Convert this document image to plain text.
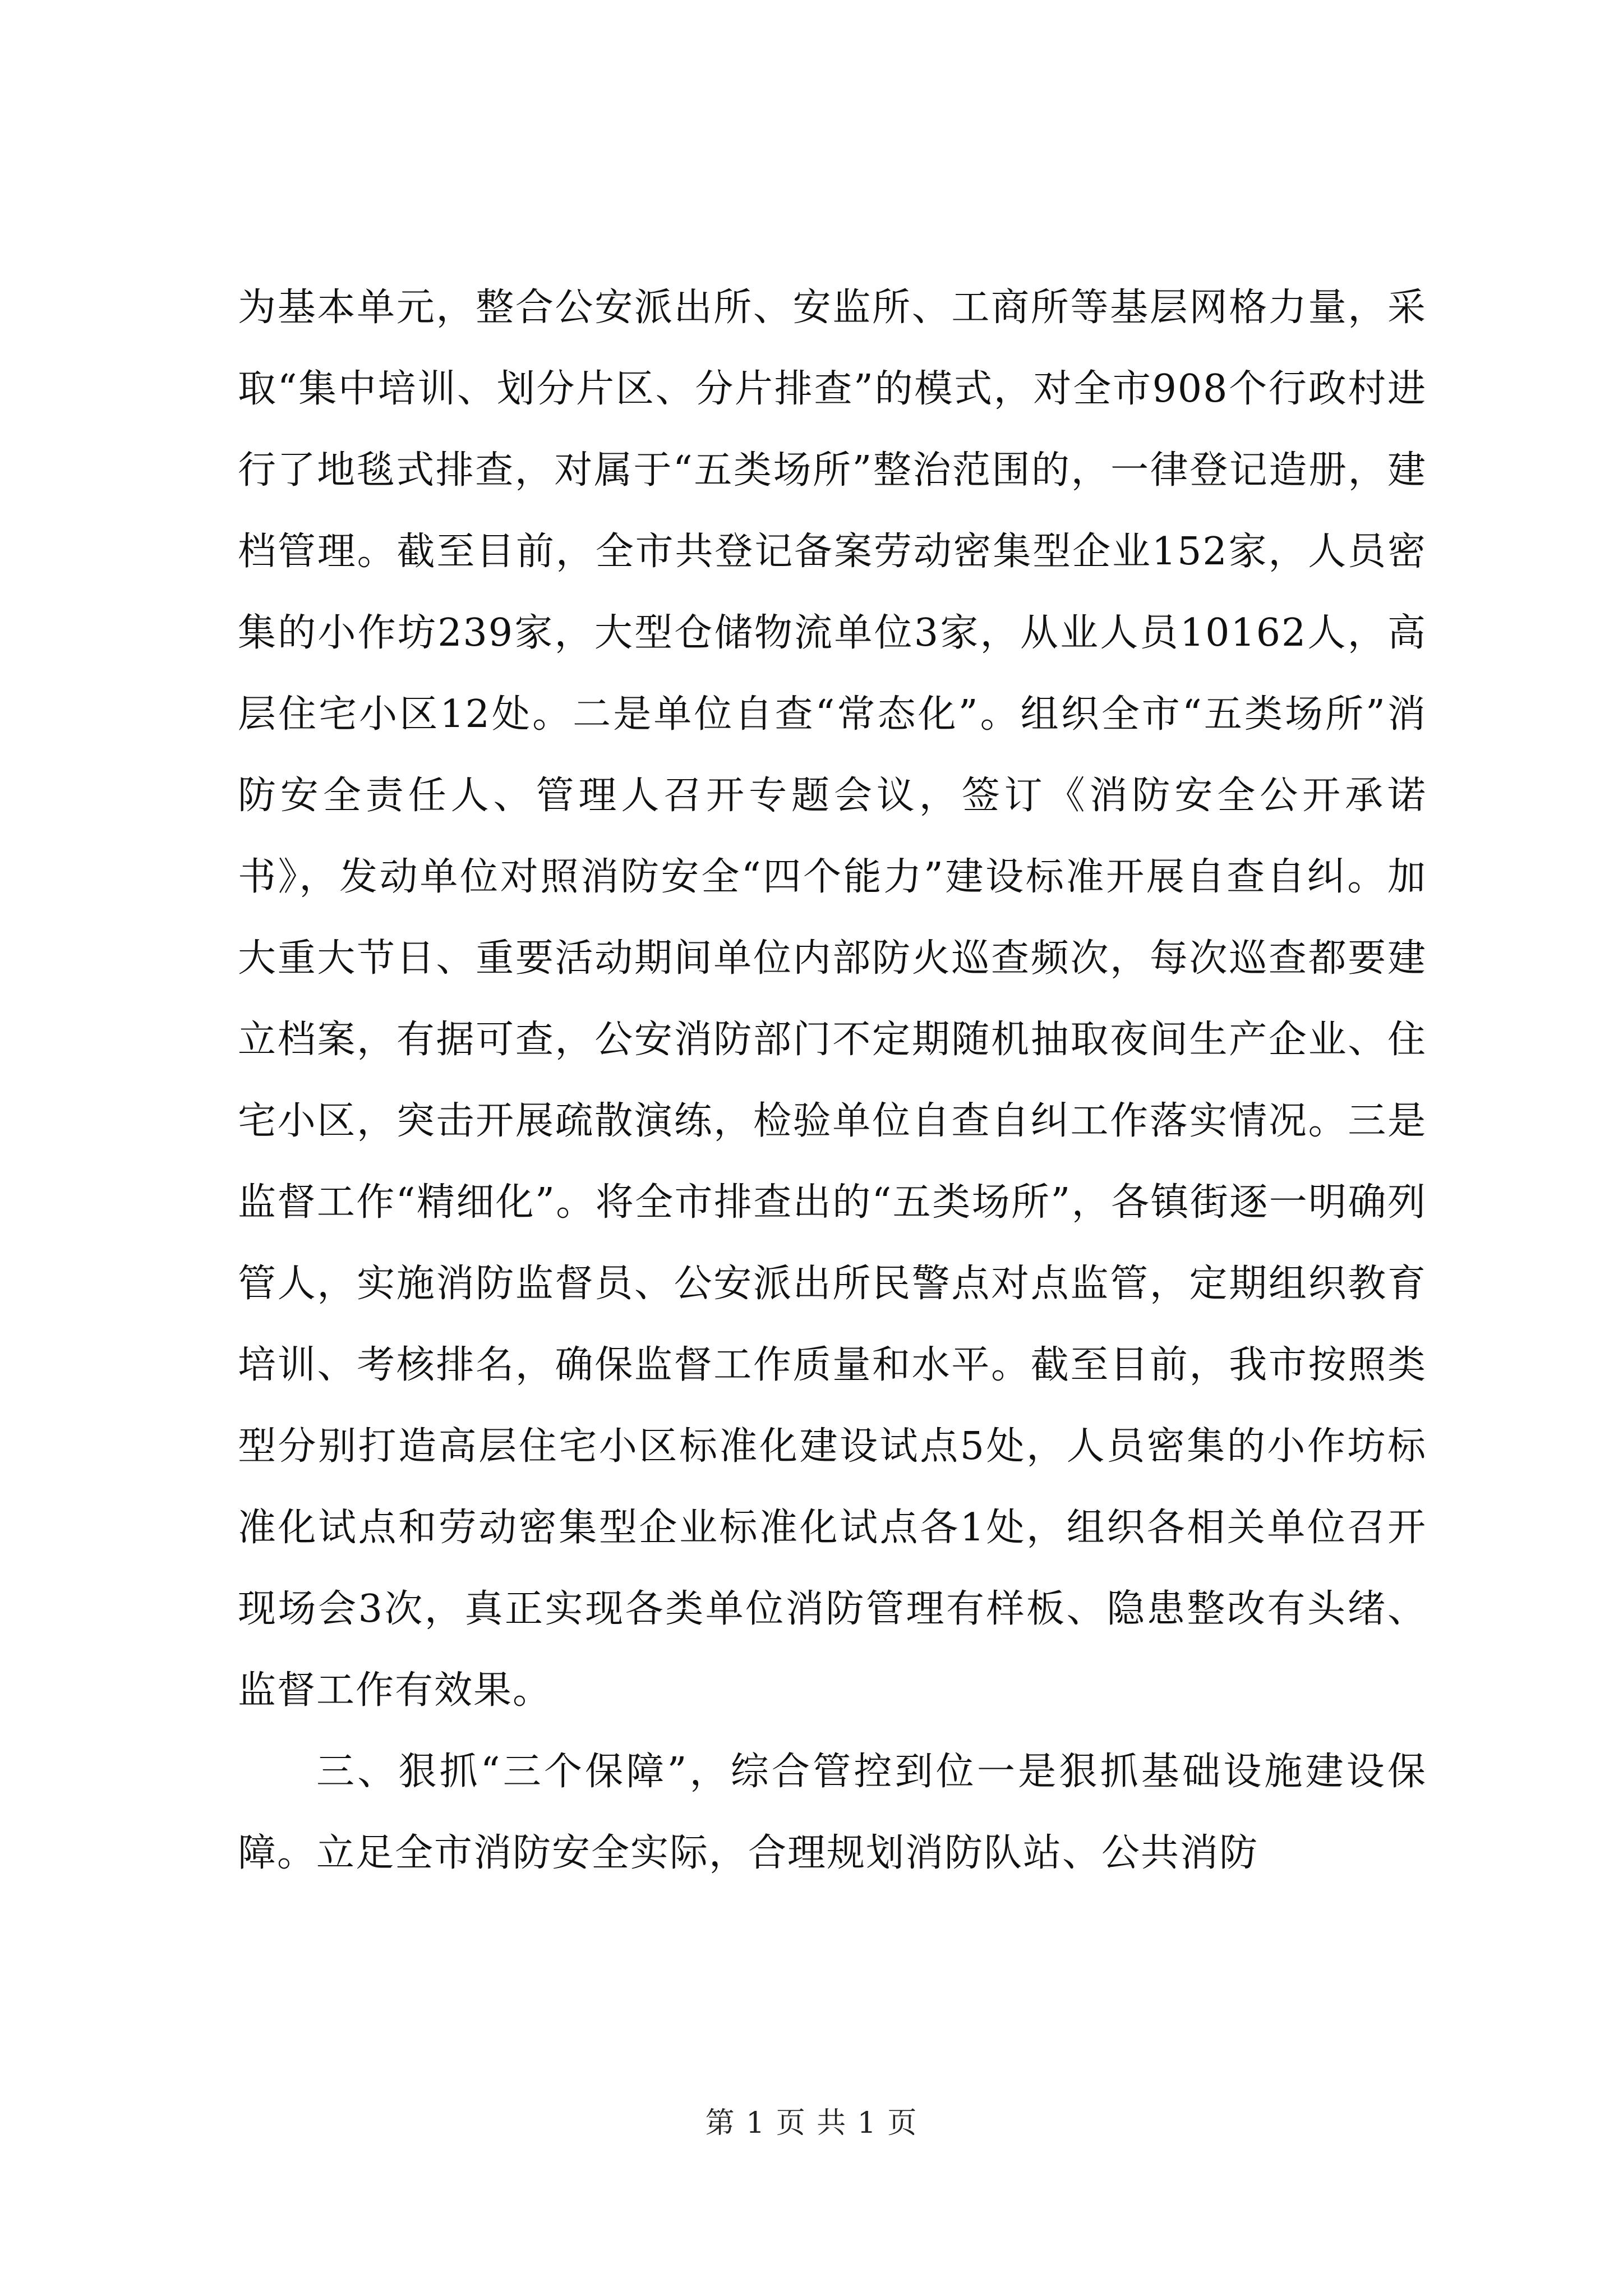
为基本单元，整合公安派出所、安监所、工商所等基层网格力量，采取“集中培训、划分片区、分片排查”的模式，对全市908个行政村进行了地毯式排查，对属于“五类场所”整治范围的，一律登记造册，建档管理。截至目前，全市共登记备案劳动密集型企业152家，人员密集的小作坊239家，大型仓储物流单位3家，从业人员10162人，高层住宅小区12处。二是单位自查“常态化”。组织全市“五类场所”消防安全责任人、管理人召开专题会议，签订《消防安全公开承诺书》，发动单位对照消防安全“四个能力”建设标准开展自查自纠。加大重大节日、重要活动期间单位内部防火巡查频次，每次巡查都要建立档案，有据可查，公安消防部门不定期随机抽取夜间生产企业、住宅小区，突击开展疏散演练，检验单位自查自纠工作落实情况。三是监督工作“精细化”。将全市排查出的“五类场所”，各镇街逐一明确列管人，实施消防监督员、公安派出所民警点对点监管，定期组织教育培训、考核排名，确保监督工作质量和水平。截至目前，我市按照类型分别打造高层住宅小区标准化建设试点5处，人员密集的小作坊标准化试点和劳动密集型企业标准化试点各1处，组织各相关单位召开现场会3次，真正实现各类单位消防管理有样板、隐患整改有头绪、监督工作有效果。

三、狠抓“三个保障”，综合管控到位一是狠抓基础设施建设保障。立足全市消防安全实际，合理规划消防队站、公共消防

第 1 页 共 1 页
